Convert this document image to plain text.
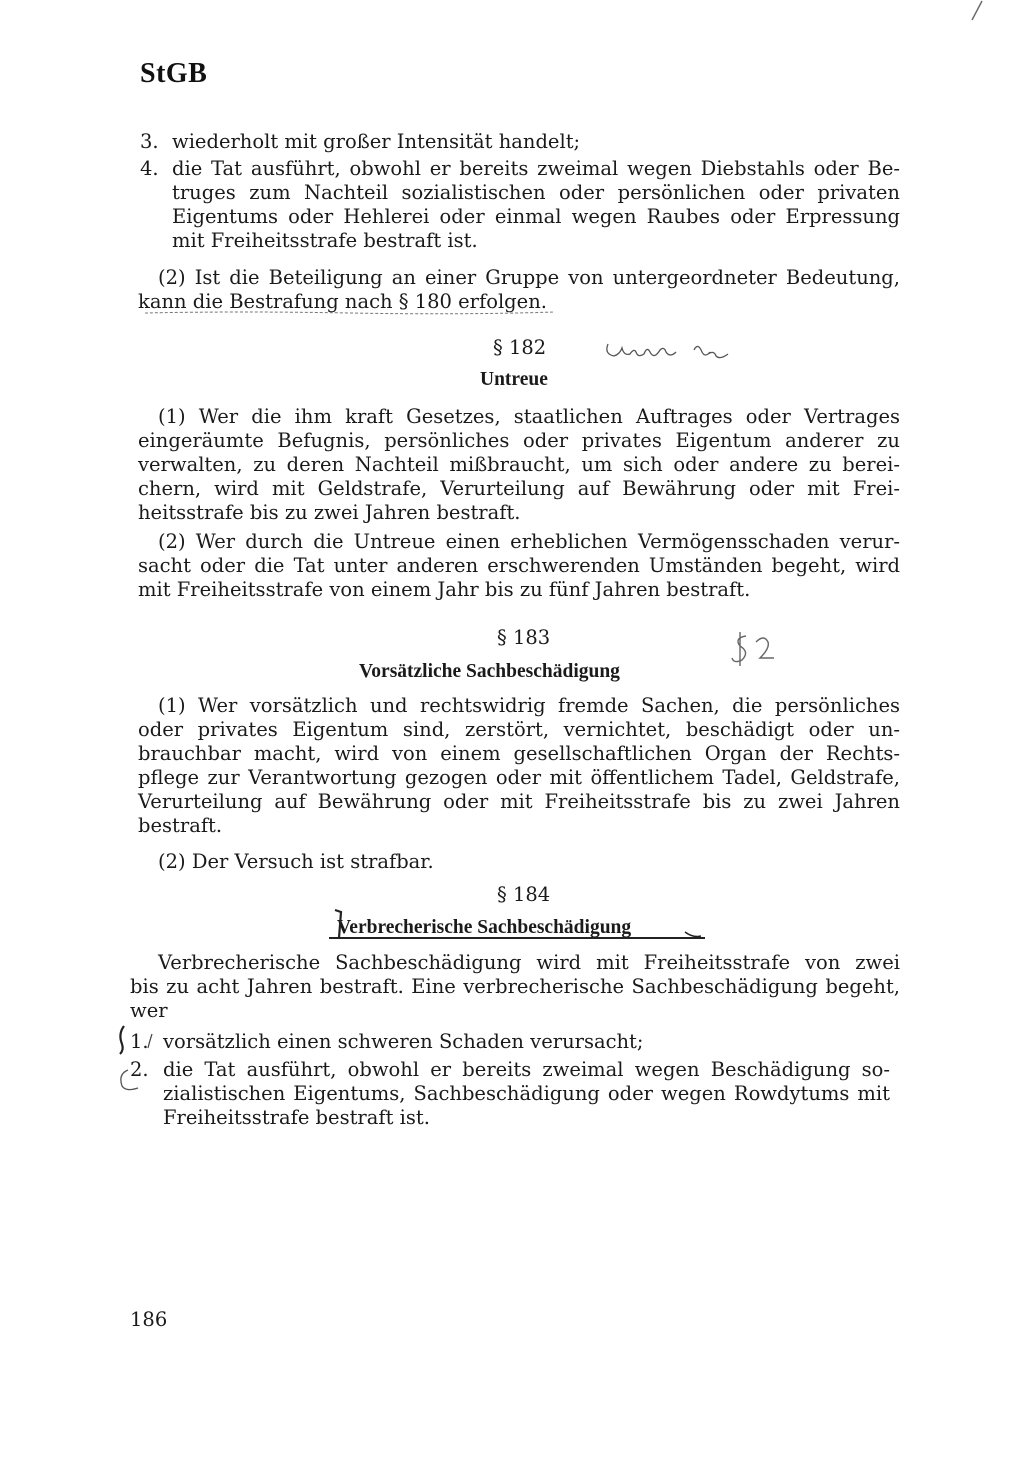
StGB
3. wiederholt mit großer Intensität handelt;
4. die Tat ausführt, obwohl er bereits zweimal wegen Diebstahls oder Be-
truges zum Nachteil sozialistischen oder persönlichen oder privaten
Eigentums oder Hehlerei oder einmal wegen Raubes oder Erpressung
mit Freiheitsstrafe bestraft ist.
(2) Ist die Beteiligung an einer Gruppe von untergeordneter Bedeutung,
kann die Bestrafung nach § 180 erfolgen.
§ 182
Untreue
(1) Wer die ihm kraft Gesetzes, staatlichen Auftrages oder Vertrages
eingeräumte Befugnis, persönliches oder privates Eigentum anderer zu
verwalten, zu deren Nachteil mißbraucht, um sich oder andere zu berei-
chern, wird mit Geldstrafe, Verurteilung auf Bewährung oder mit Frei-
heitsstrafe bis zu zwei Jahren bestraft.
(2) Wer durch die Untreue einen erheblichen Vermögensschaden verur-
sacht oder die Tat unter anderen erschwerenden Umständen begeht, wird
mit Freiheitsstrafe von einem Jahr bis zu fünf Jahren bestraft.
§ 183
Vorsätzliche Sachbeschädigung
(1) Wer vorsätzlich und rechtswidrig fremde Sachen, die persönliches
oder privates Eigentum sind, zerstört, vernichtet, beschädigt oder un-
brauchbar macht, wird von einem gesellschaftlichen Organ der Rechts-
pflege zur Verantwortung gezogen oder mit öffentlichem Tadel, Geldstrafe,
Verurteilung auf Bewährung oder mit Freiheitsstrafe bis zu zwei Jahren
bestraft.
(2) Der Versuch ist strafbar.
§ 184
Verbrecherische Sachbeschädigung
Verbrecherische Sachbeschädigung wird mit Freiheitsstrafe von zwei
bis zu acht Jahren bestraft. Eine verbrecherische Sachbeschädigung begeht,
wer
1. vorsätzlich einen schweren Schaden verursacht;
2. die Tat ausführt, obwohl er bereits zweimal wegen Beschädigung so-
zialistischen Eigentums, Sachbeschädigung oder wegen Rowdytums mit
Freiheitsstrafe bestraft ist.
186
